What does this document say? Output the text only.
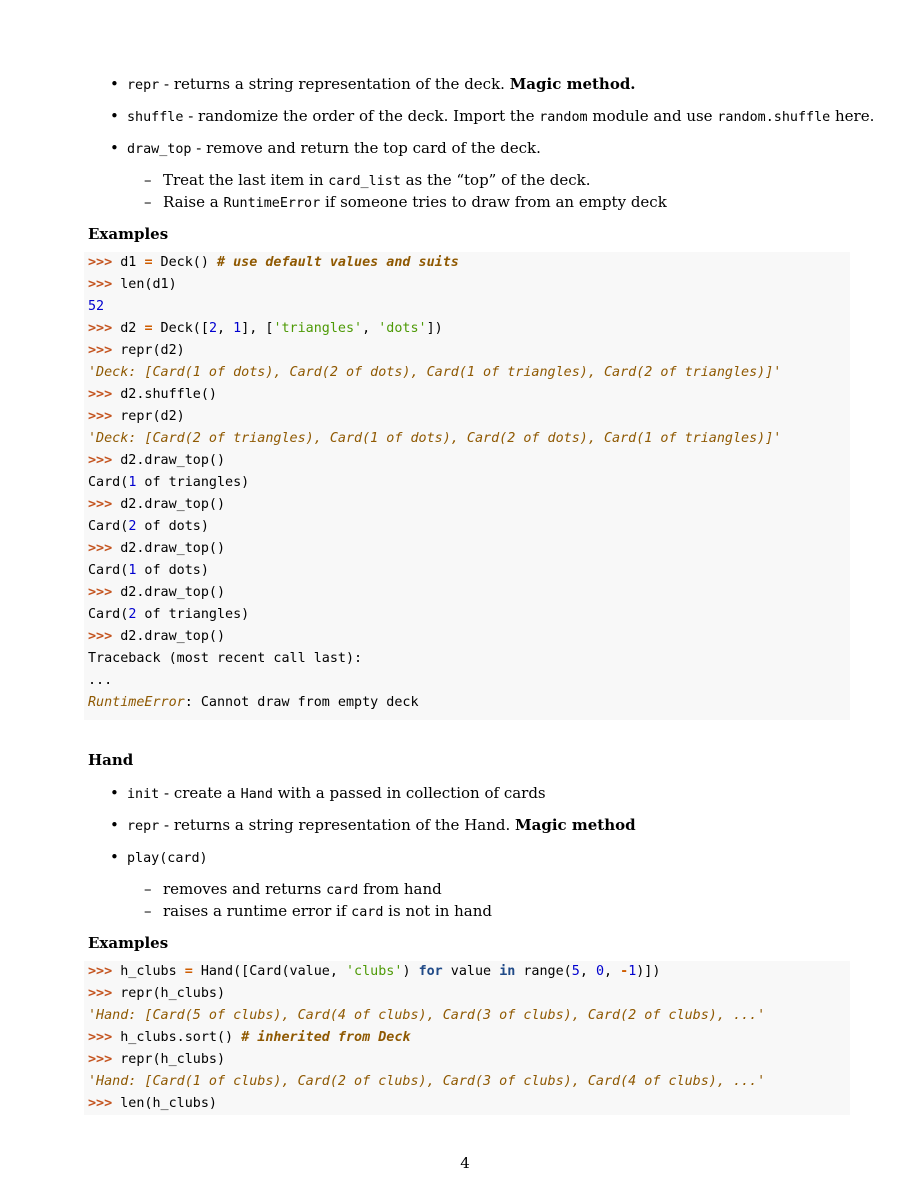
• repr - returns a string representation of the deck. Magic method.
• shuffle - randomize the order of the deck. Import the random module and use random.shuffle here.
• draw_top - remove and return the top card of the deck.
– Treat the last item in card_list as the “top” of the deck.
– Raise a RuntimeError if someone tries to draw from an empty deck
Examples
>>> d1 = Deck() # use default values and suits
>>> len(d1)
52
>>> d2 = Deck([2, 1], ['triangles', 'dots'])
>>> repr(d2)
'Deck: [Card(1 of dots), Card(2 of dots), Card(1 of triangles), Card(2 of triangles)]'
>>> d2.shuffle()
>>> repr(d2)
'Deck: [Card(2 of triangles), Card(1 of dots), Card(2 of dots), Card(1 of triangles)]'
>>> d2.draw_top()
Card(1 of triangles)
>>> d2.draw_top()
Card(2 of dots)
>>> d2.draw_top()
Card(1 of dots)
>>> d2.draw_top()
Card(2 of triangles)
>>> d2.draw_top()
Traceback (most recent call last):
...
RuntimeError: Cannot draw from empty deck
Hand
• init - create a Hand with a passed in collection of cards
• repr - returns a string representation of the Hand. Magic method
• play(card)
– removes and returns card from hand
– raises a runtime error if card is not in hand
Examples
>>> h_clubs = Hand([Card(value, 'clubs') for value in range(5, 0, -1)])
>>> repr(h_clubs)
'Hand: [Card(5 of clubs), Card(4 of clubs), Card(3 of clubs), Card(2 of clubs), ...'
>>> h_clubs.sort() # inherited from Deck
>>> repr(h_clubs)
'Hand: [Card(1 of clubs), Card(2 of clubs), Card(3 of clubs), Card(4 of clubs), ...'
>>> len(h_clubs)
4
